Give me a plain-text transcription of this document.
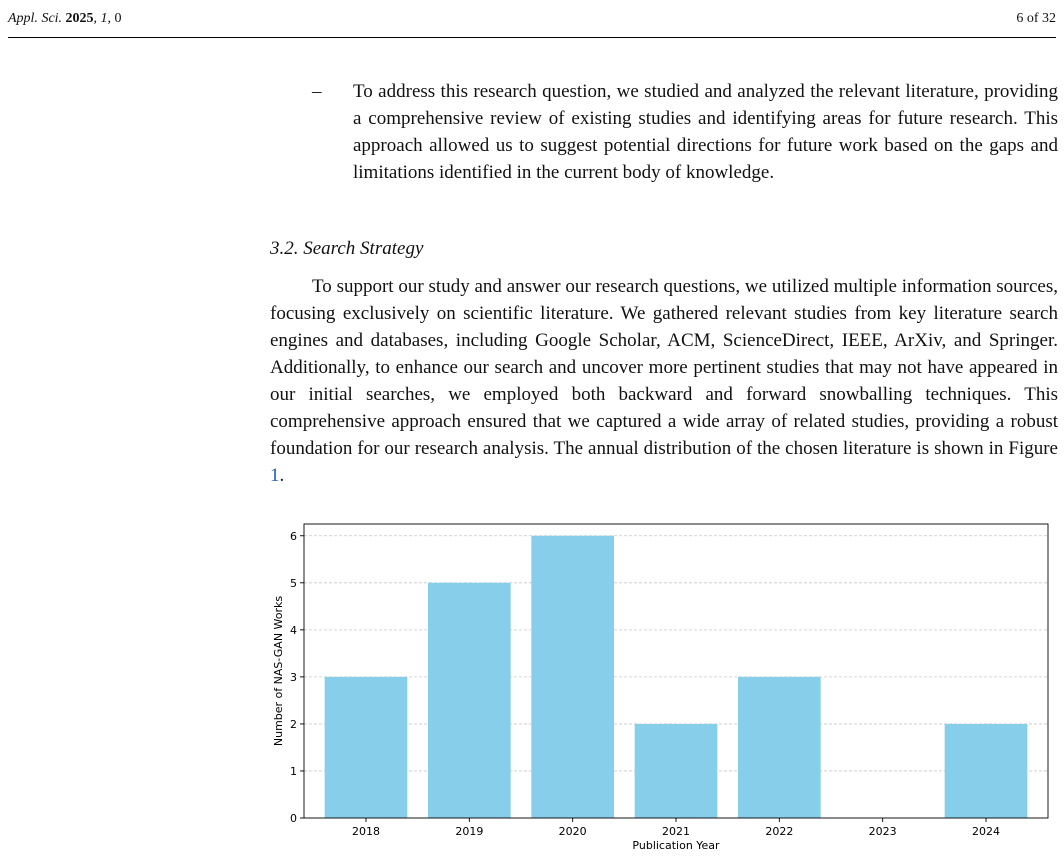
Appl. Sci. 2025, 1, 0	6 of 32
– To address this research question, we studied and analyzed the relevant literature, providing a comprehensive review of existing studies and identifying areas for future research. This approach allowed us to suggest potential directions for future work based on the gaps and limitations identified in the current body of knowledge.
3.2. Search Strategy
To support our study and answer our research questions, we utilized multiple information sources, focusing exclusively on scientific literature. We gathered relevant studies from key literature search engines and databases, including Google Scholar, ACM, ScienceDirect, IEEE, ArXiv, and Springer. Additionally, to enhance our search and uncover more pertinent studies that may not have appeared in our initial searches, we employed both backward and forward snowballing techniques. This comprehensive approach ensured that we captured a wide array of related studies, providing a robust foundation for our research analysis. The annual distribution of the chosen literature is shown in Figure 1.
0
1
2
3
4
5
6
2018	2019	2020	2021	2022	2023	2024
Publication Year
Number of NAS-GAN Works
